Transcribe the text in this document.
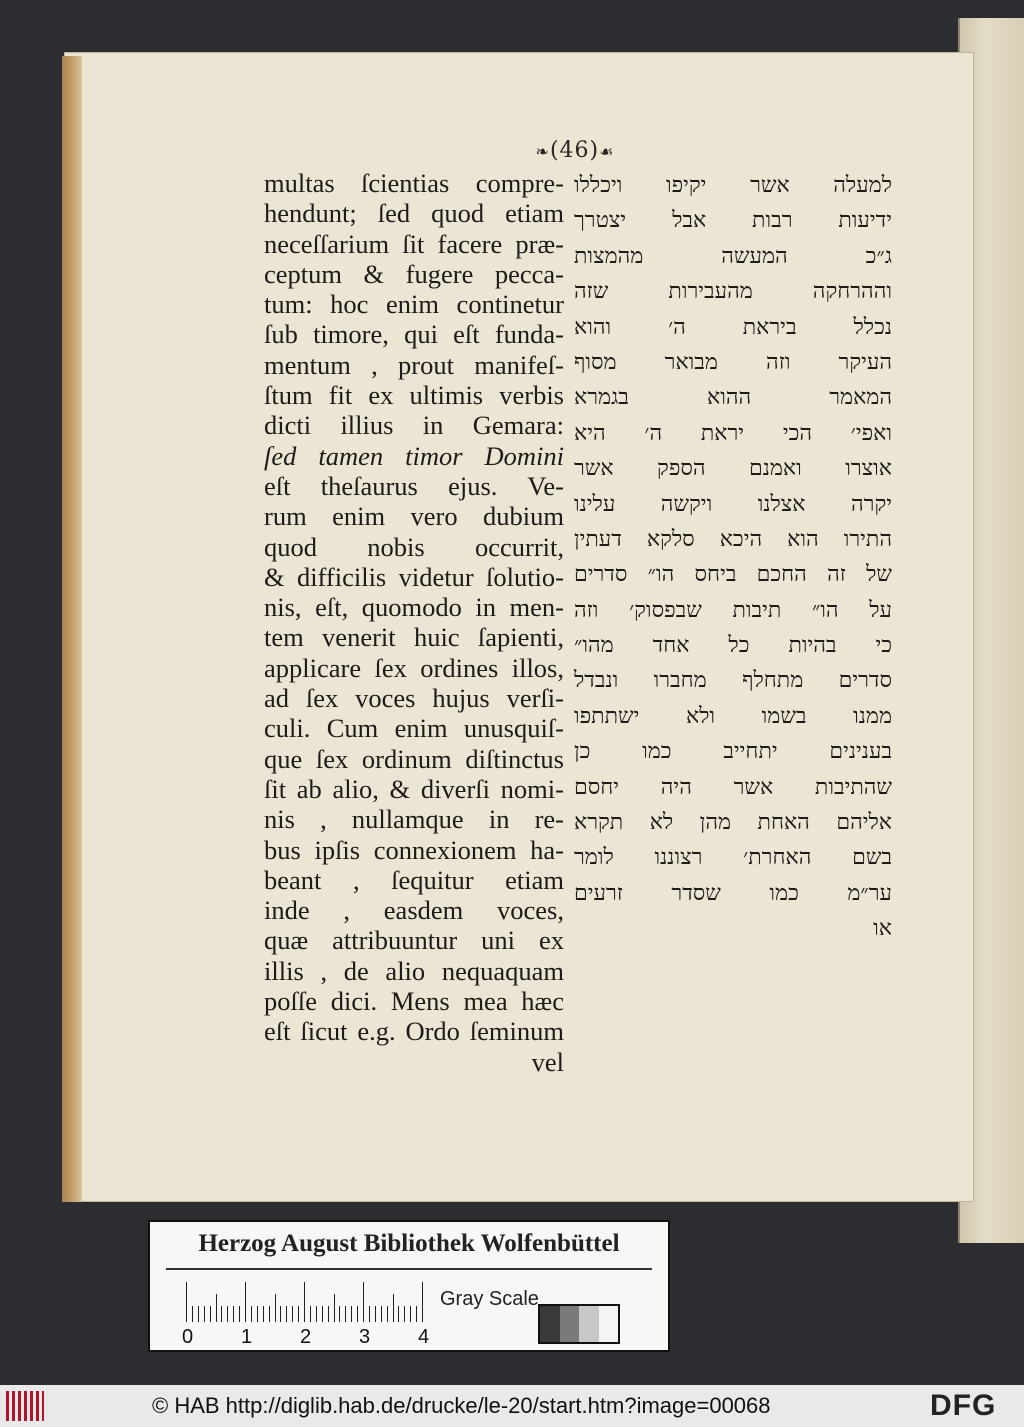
❧(46)☙
multas ſcientias compre-
hendunt; ſed quod etiam
neceſſarium ſit facere præ-
ceptum & fugere pecca-
tum: hoc enim continetur
ſub timore, qui eſt funda-
mentum , prout manifeſ-
ſtum fit ex ultimis verbis
dicti illius in Gemara:
ſed tamen timor Domini
eſt theſaurus ejus. Ve-
rum enim vero dubium
quod nobis occurrit,
& difficilis videtur ſolutio-
nis, eſt, quomodo in men-
tem venerit huic ſapienti,
applicare ſex ordines illos,
ad ſex voces hujus verſi-
culi. Cum enim unusquiſ-
que ſex ordinum diſtinctus
ſit ab alio, & diverſi nomi-
nis , nullamque in re-
bus ipſis connexionem ha-
beant , ſequitur etiam
inde , easdem voces,
quæ attribuuntur uni ex
illis , de alio nequaquam
poſſe dici. Mens mea hæc
eſt ſicut e.g. Ordo ſeminum
vel
למעלה אשר יקיפו ויכללו
ידיעות רבות אבל יצטרך
ג״כ המעשה מהמצות
וההרחקה מהעבירות שזה
נכלל ביראת ה׳ והוא
העיקר וזה מבואר מסוף
המאמר ההוא בגמרא
ואפי׳ הכי יראת ה׳ היא
אוצרו ואמנם הספק אשר
יקרה אצלנו ויקשה עלינו
התירו הוא היכא סלקא דעתין
של זה החכם ביחס הו״ סדרים
על הו״ תיבות שבפסוק׳ וזה
כי בהיות כל אחד מהו״
סדרים מתחלף מחברו ונבדל
ממנו בשמו ולא ישתתפו
בענינים יתחייב כמו כן
שהתיבות אשר היה יחסם
אליהם האחת מהן לא תקרא
בשם האחרת׳ רצוננו לומר
ער״מ כמו שסדר זרעים
או
Herzog August Bibliothek Wolfenbüttel
0 1 2 3 4
Gray Scale
© HAB http://diglib.hab.de/drucke/le-20/start.htm?image=00068	DFG
